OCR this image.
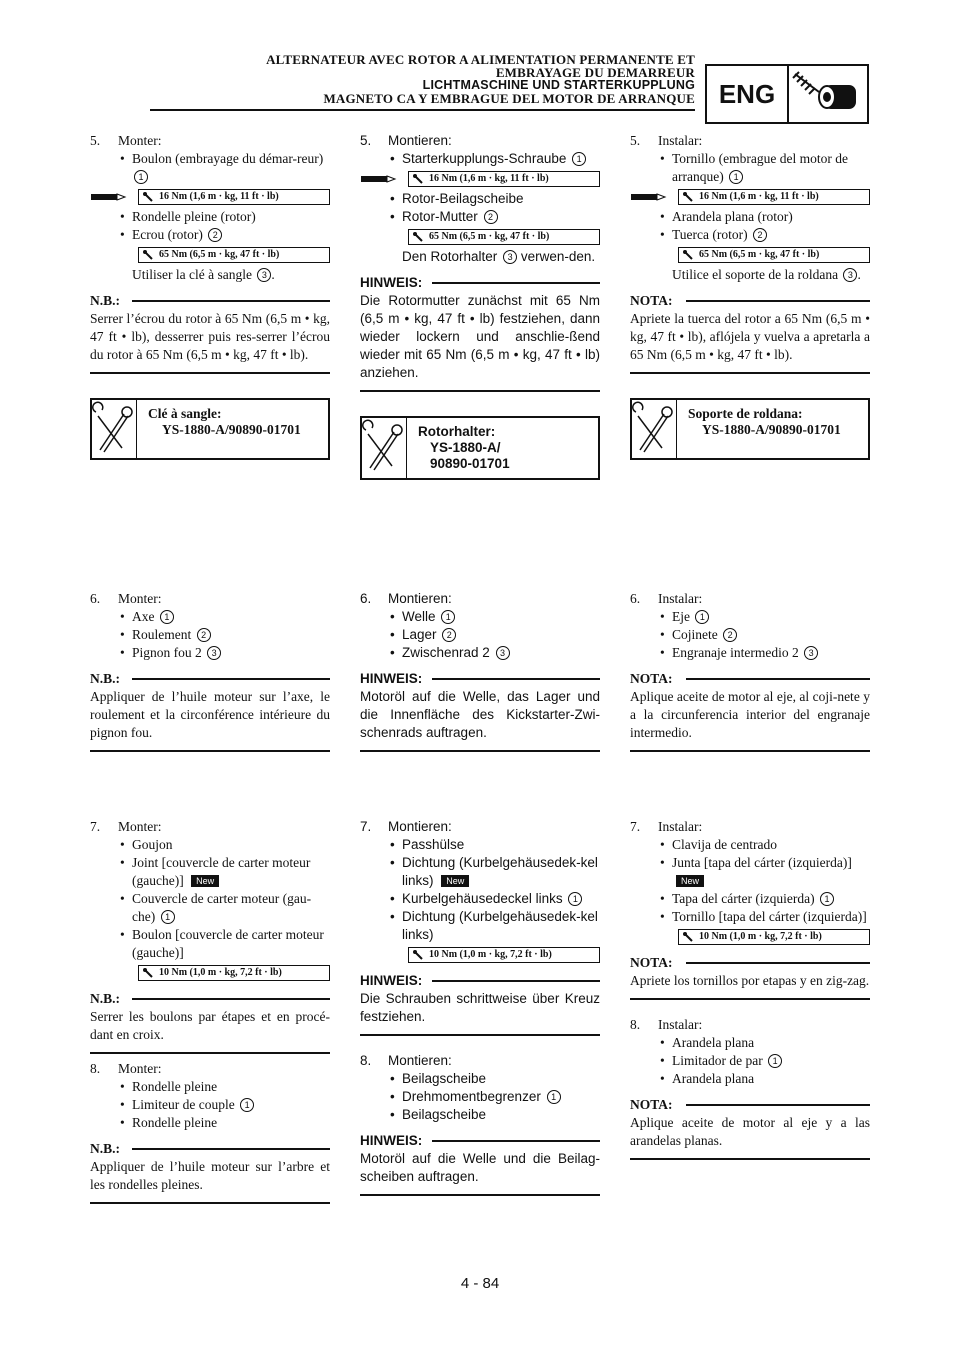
ALTERNATEUR AVEC ROTOR A ALIMENTATION PERMANENTE ET
EMBRAYAGE DU DEMARREUR
LICHTMASCHINE UND STARTERKUPPLUNG
MAGNETO CA Y EMBRAGUE DEL MOTOR DE ARRANQUE ENG
5. Monter:
• Boulon (embrayage du démar-reur) 1
16 Nm (1,6 m · kg, 11 ft · lb)
• Rondelle pleine (rotor)
• Ecrou (rotor) 2
65 Nm (6,5 m · kg, 47 ft · lb)
Utiliser la clé à sangle 3 .
N.B.:
Serrer l’écrou du rotor à 65 Nm (6,5 m • kg, 47 ft • lb), desserrer puis res-serrer l’écrou du rotor à 65 Nm (6,5 m • kg, 47 ft • lb).
Clé à sangle:
YS-1880-A/90890-01701
6. Monter:
• Axe 1
• Roulement 2
• Pignon fou 2 3
N.B.:
Appliquer de l’huile moteur sur l’axe, le roulement et la circonférence intérieure du pignon fou.
7. Monter:
• Goujon
• Joint [couvercle de carter moteur (gauche)] New
• Couvercle de carter moteur (gau-che) 1
• Boulon [couvercle de carter moteur (gauche)]
10 Nm (1,0 m · kg, 7,2 ft · lb)
N.B.:
Serrer les boulons par étapes et en procé-dant en croix.
8. Monter:
• Rondelle pleine
• Limiteur de couple 1
• Rondelle pleine
N.B.:
Appliquer de l’huile moteur sur l’arbre et les rondelles pleines.
5. Montieren:
• Starterkupplungs-Schraube 1
16 Nm (1,6 m · kg, 11 ft · lb)
• Rotor-Beilagscheibe
• Rotor-Mutter 2
65 Nm (6,5 m · kg, 47 ft · lb)
Den Rotorhalter 3 verwen-den.
HINWEIS:
Die Rotormutter zunächst mit 65 Nm (6,5 m • kg, 47 ft • lb) festziehen, dann wieder lockern und anschlie-ßend wieder mit 65 Nm (6,5 m • kg, 47 ft • lb) anziehen.
Rotorhalter:
YS-1880-A/
90890-01701
6. Montieren:
• Welle 1
• Lager 2
• Zwischenrad 2 3
HINWEIS:
Motoröl auf die Welle, das Lager und die Innenfläche des Kickstarter-Zwi-schenrads auftragen.
7. Montieren:
• Passhülse
• Dichtung (Kurbelgehäusedek-kel links) New
• Kurbelgehäusedeckel links 1
• Dichtung (Kurbelgehäusedek-kel links)
10 Nm (1,0 m · kg, 7,2 ft · lb)
HINWEIS:
Die Schrauben schrittweise über Kreuz festziehen.
8. Montieren:
• Beilagscheibe
• Drehmomentbegrenzer 1
• Beilagscheibe
HINWEIS:
Motoröl auf die Welle und die Beilag-scheiben auftragen.
5. Instalar:
• Tornillo (embrague del motor de arranque) 1
16 Nm (1,6 m · kg, 11 ft · lb)
• Arandela plana (rotor)
• Tuerca (rotor) 2
65 Nm (6,5 m · kg, 47 ft · lb)
Utilice el soporte de la roldana 3 .
NOTA:
Apriete la tuerca del rotor a 65 Nm (6,5 m • kg, 47 ft • lb), aflójela y vuelva a apretarla a 65 Nm (6,5 m • kg, 47 ft • lb).
Soporte de roldana:
YS-1880-A/90890-01701
6. Instalar:
• Eje 1
• Cojinete 2
• Engranaje intermedio 2 3
NOTA:
Aplique aceite de motor al eje, al coji-nete y a la circunferencia interior del engranaje intermedio.
7. Instalar:
• Clavija de centrado
• Junta [tapa del cárter (izquierda)] New
• Tapa del cárter (izquierda) 1
• Tornillo [tapa del cárter (izquierda)]
10 Nm (1,0 m · kg, 7,2 ft · lb)
NOTA:
Apriete los tornillos por etapas y en zig-zag.
8. Instalar:
• Arandela plana
• Limitador de par 1
• Arandela plana
NOTA:
Aplique aceite de motor al eje y a las arandelas planas.
4 - 84
